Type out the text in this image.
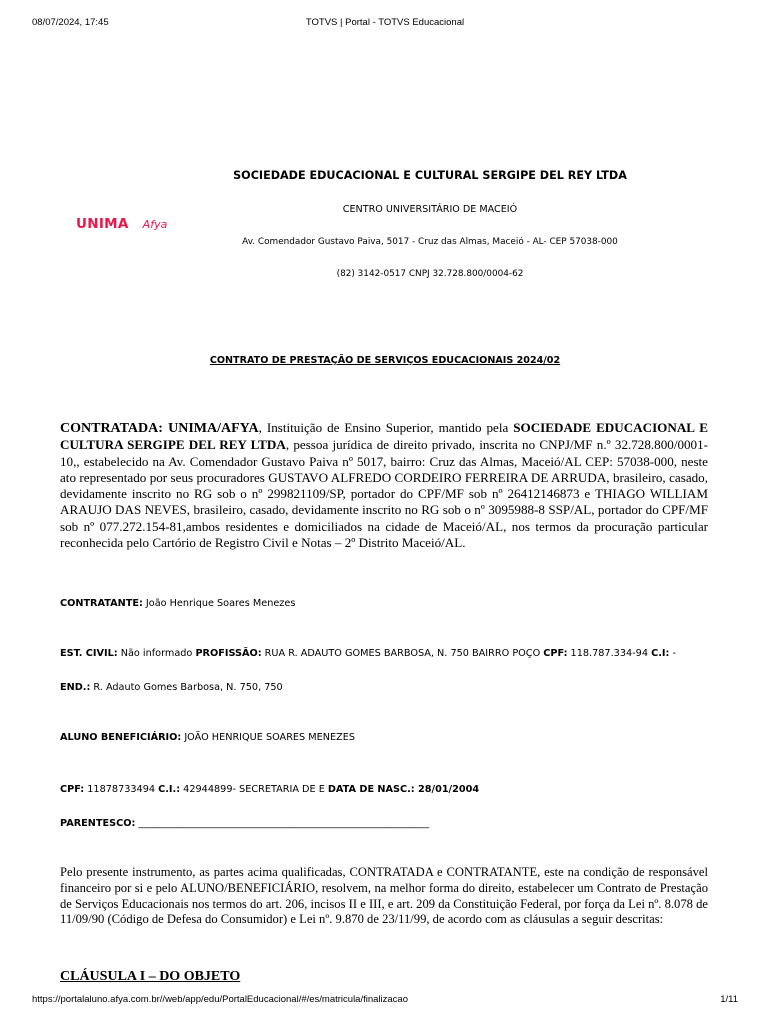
08/07/2024, 17:45	TOTVS | Portal - TOTVS Educacional
UNIMA Afya
SOCIEDADE EDUCACIONAL E CULTURAL SERGIPE DEL REY LTDA
CENTRO UNIVERSITÁRIO DE MACEIÓ
Av. Comendador Gustavo Paiva, 5017 - Cruz das Almas, Maceió - AL- CEP 57038-000
(82) 3142-0517 CNPJ 32.728.800/0004-62
CONTRATO DE PRESTAÇÃO DE SERVIÇOS EDUCACIONAIS 2024/02
CONTRATADA: UNIMA/AFYA, Instituição de Ensino Superior, mantido pela SOCIEDADE EDUCACIONAL E CULTURA SERGIPE DEL REY LTDA, pessoa jurídica de direito privado, inscrita no CNPJ/MF n.º 32.728.800/0001-10,, estabelecido na Av. Comendador Gustavo Paiva nº 5017, bairro: Cruz das Almas, Maceió/AL CEP: 57038-000, neste ato representado por seus procuradores GUSTAVO ALFREDO CORDEIRO FERREIRA DE ARRUDA, brasileiro, casado, devidamente inscrito no RG sob o nº 299821109/SP, portador do CPF/MF sob nº 26412146873 e THIAGO WILLIAM ARAUJO DAS NEVES, brasileiro, casado, devidamente inscrito no RG sob o nº 3095988-8 SSP/AL, portador do CPF/MF sob nº 077.272.154-81,ambos residentes e domiciliados na cidade de Maceió/AL, nos termos da procuração particular reconhecida pelo Cartório de Registro Civil e Notas – 2º Distrito Maceió/AL.
CONTRATANTE: João Henrique Soares Menezes
EST. CIVIL: Não informado PROFISSÃO: RUA R. ADAUTO GOMES BARBOSA, N. 750 BAIRRO POÇO CPF: 118.787.334-94 C.I: -
END.: R. Adauto Gomes Barbosa, N. 750, 750
ALUNO BENEFICIÁRIO: JOÃO HENRIQUE SOARES MENEZES
CPF: 11878733494 C.I.: 42944899- SECRETARIA DE E DATA DE NASC.: 28/01/2004
PARENTESCO: ____________________________________________________________
Pelo presente instrumento, as partes acima qualificadas, CONTRATADA e CONTRATANTE, este na condição de responsável financeiro por si e pelo ALUNO/BENEFICIÁRIO, resolvem, na melhor forma do direito, estabelecer um Contrato de Prestação de Serviços Educacionais nos termos do art. 206, incisos II e III, e art. 209 da Constituição Federal, por força da Lei nº. 8.078 de 11/09/90 (Código de Defesa do Consumidor) e Lei nº. 9.870 de 23/11/99, de acordo com as cláusulas a seguir descritas:
CLÁUSULA I – DO OBJETO
https://portalaluno.afya.com.br//web/app/edu/PortalEducacional/#/es/matricula/finalizacao	1/11
